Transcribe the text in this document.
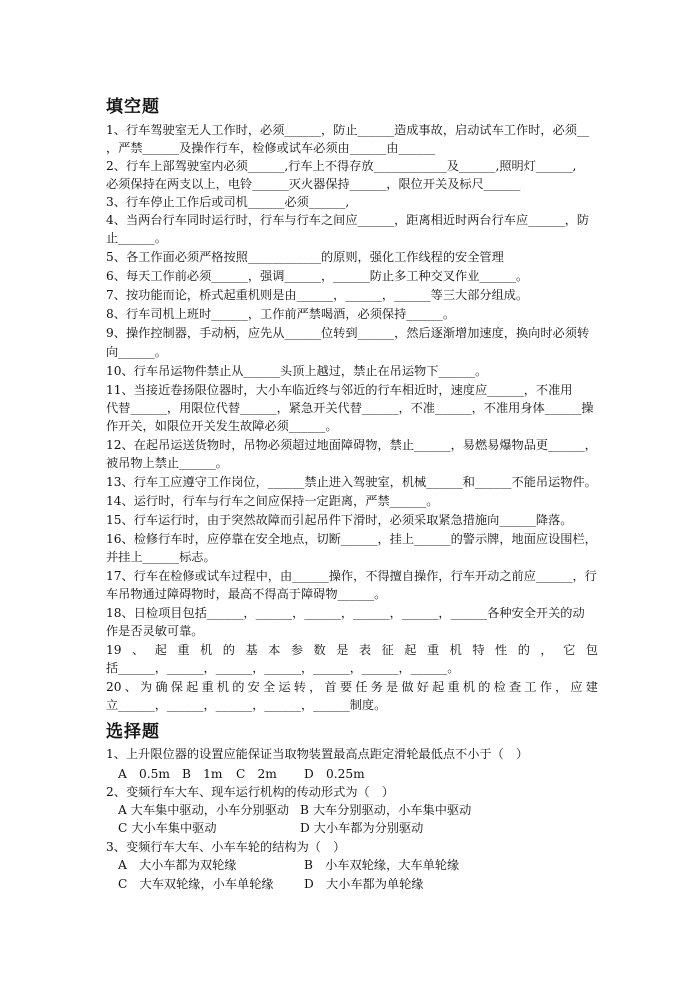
填空题
1、行车驾驶室无人工作时，必须______，防止______造成事故，启动试车工作时，必须__
，严禁______及操作行车，检修或试车必须由______由______
2、行车上部驾驶室内必须______,行车上不得存放____________及______,照明灯______,
必须保持在两支以上，电铃______灭火器保持______，限位开关及标尺______
3、行车停止工作后或司机______必须______,
4、当两台行车同时运行时，行车与行车之间应______，距离相近时两台行车应______，防
止______。
5、各工作面必须严格按照____________的原则，强化工作线程的安全管理
6、每天工作前必须______，强调______，______防止多工种交叉作业______。
7、按功能而论，桥式起重机则是由______，______，______等三大部分组成。
8、行车司机上班时______，工作前严禁喝酒，必须保持______。
9、操作控制器，手动柄，应先从______位转到______，然后逐渐增加速度，换向时必须转
向______。
10、行车吊运物件禁止从______头顶上越过，禁止在吊运物下______。
11、当接近卷扬限位器时，大小车临近终与邻近的行车相近时，速度应______，不准用
代替______，用限位代替______，紧急开关代替______，不准______，不准用身体______操
作开关，如限位开关发生故障必须______。
12、在起吊运送货物时，吊物必须超过地面障碍物，禁止______，易燃易爆物品更______，
被吊物上禁止______。
13、行车工应遵守工作岗位，______禁止进入驾驶室，机械______和______不能吊运物件。
14、运行时，行车与行车之间应保持一定距离，严禁______。
15、行车运行时，由于突然故障而引起吊件下滑时，必须采取紧急措施向______降落。
16、检修行车时，应停靠在安全地点，切断______，挂上______的警示牌，地面应设围栏，
并挂上______标志。
17、行车在检修或试车过程中，由______操作，不得擅自操作，行车开动之前应______，行
车吊物通过障碍物时，最高不得高于障碍物______。
18、日检项目包括______，______，______，______，______，______各种安全开关的动
作是否灵敏可靠。
19、起重机的基本参数是表征起重机特性的，它包
括______，______，______，______，______，______，______。
20、为确保起重机的安全运转，首要任务是做好起重机的检查工作，应建
立______，______，______，______，______制度。
选择题
1、上升限位器的设置应能保证当取物装置最高点距定滑轮最低点不小于（　）
A　0.5m B　1m C　2m D　0.25m
2、变频行车大车、现车运行机构的传动形式为（　）
A 大车集中驱动，小车分别驱动 B 大车分别驱动，小车集中驱动
C 大小车集中驱动	D 大小车都为分别驱动
3、变频行车大车、小车车轮的结构为（　）
A　大小车都为双轮缘	B　小车双轮缘，大车单轮缘
C　大车双轮缘，小车单轮缘 D　大小车都为单轮缘
